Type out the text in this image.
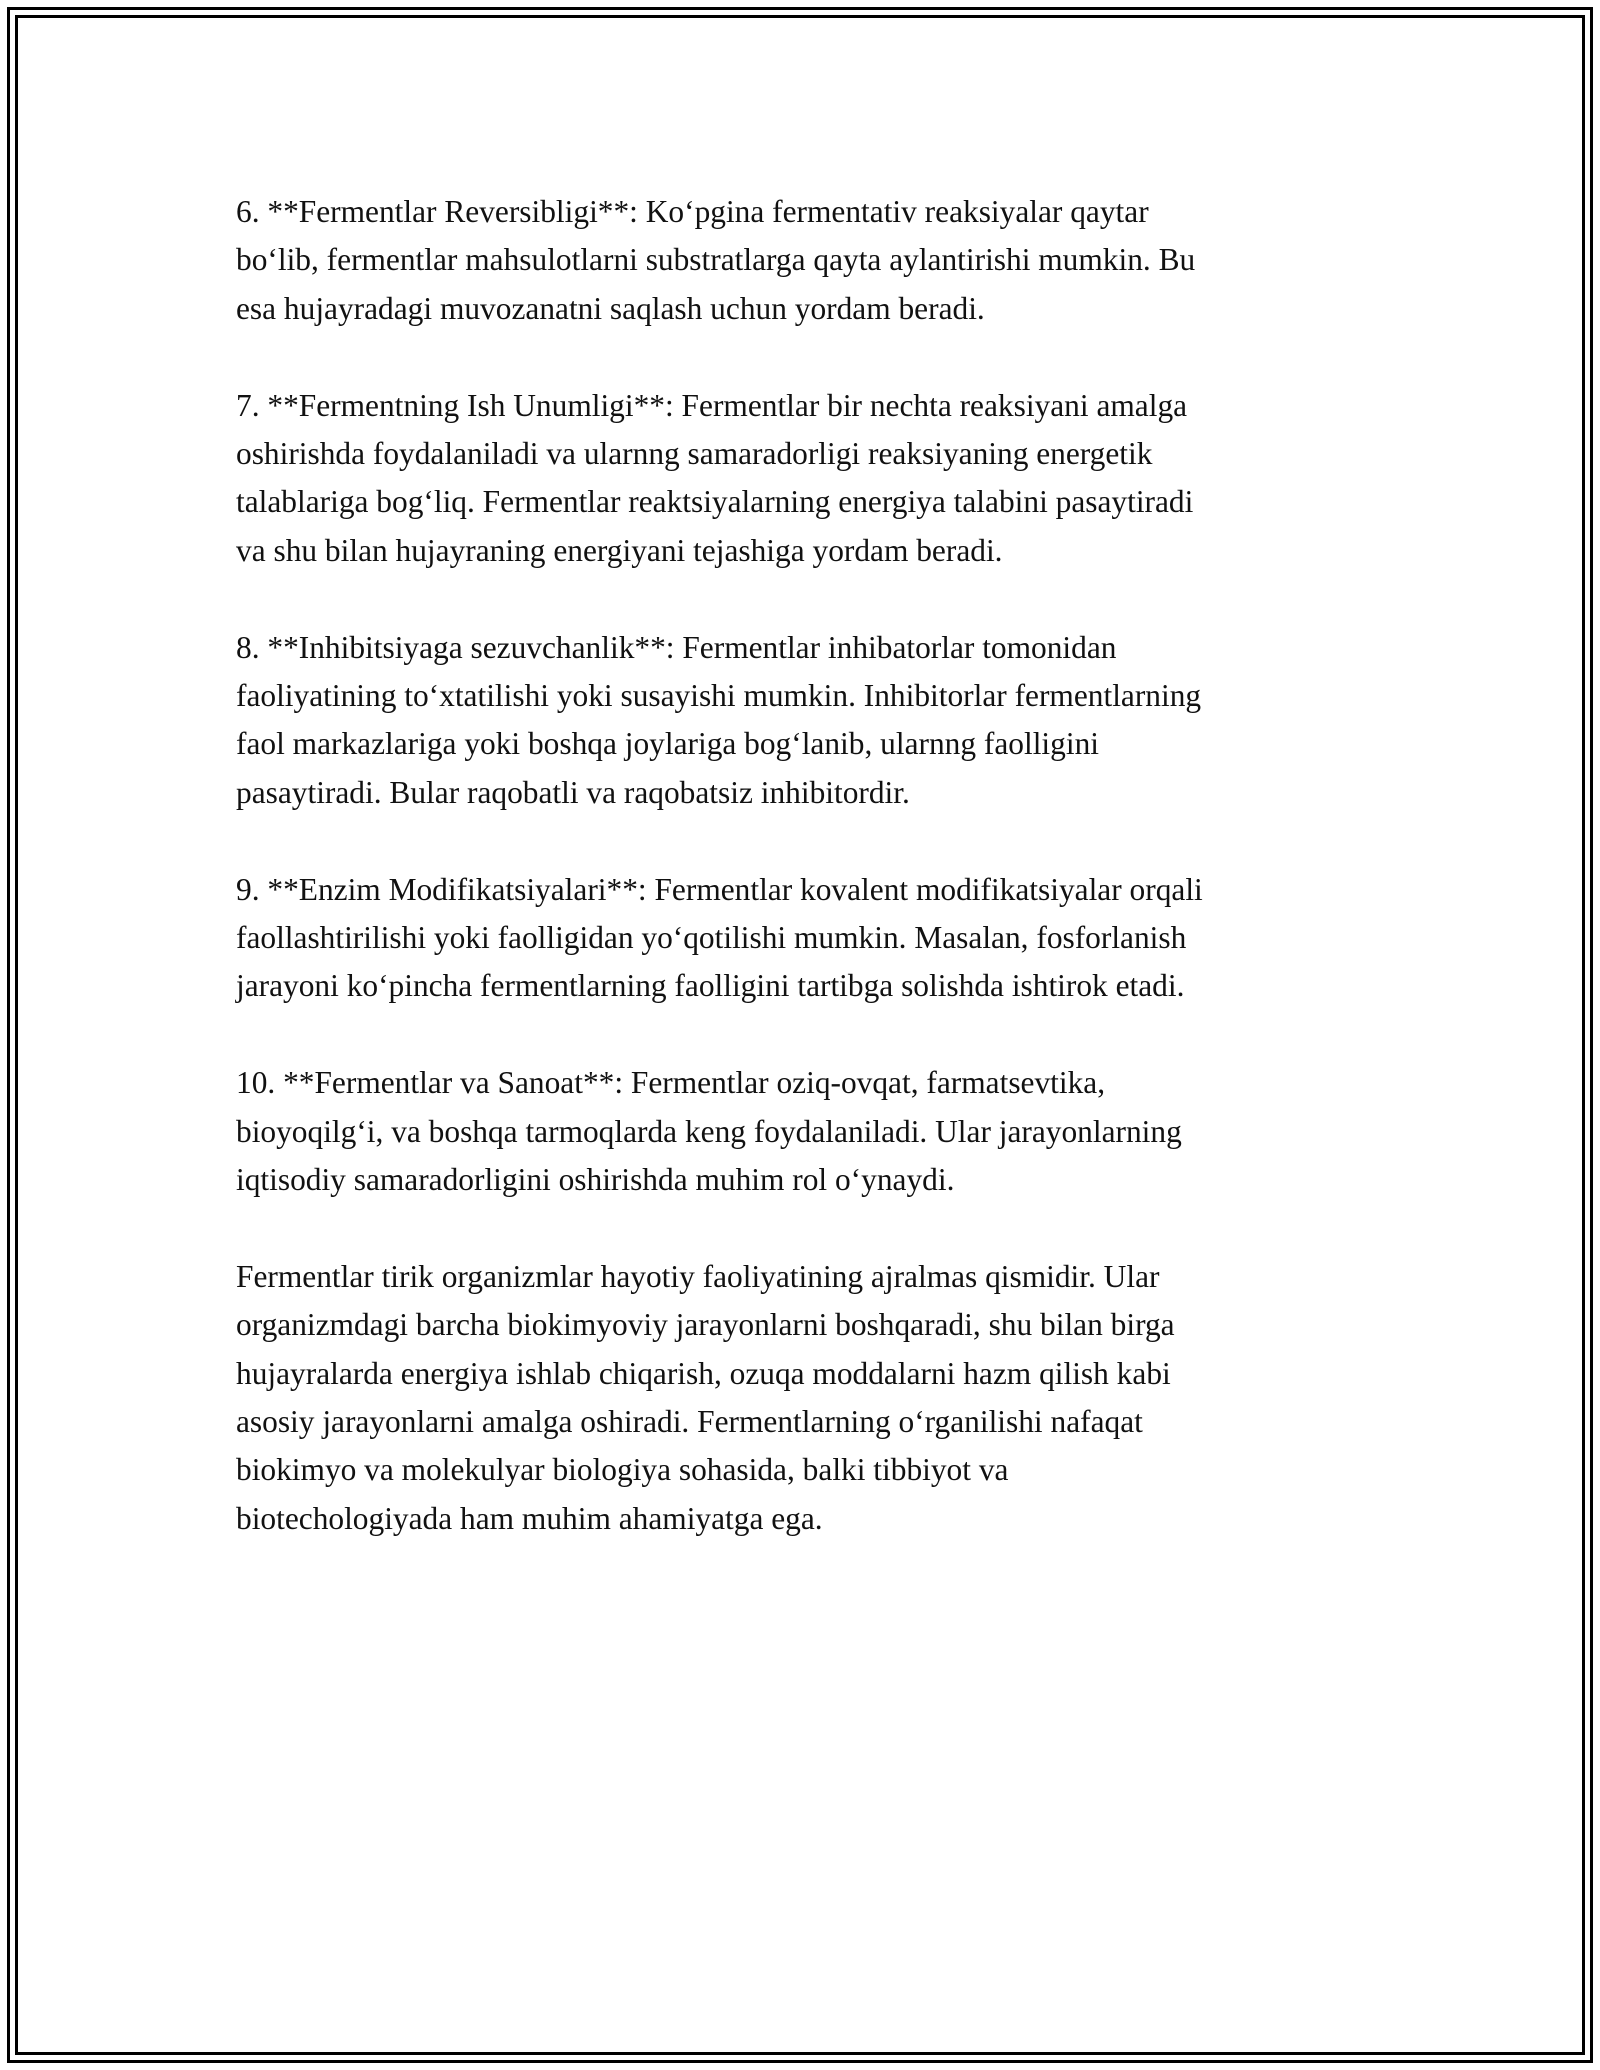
6. **Fermentlar Reversibligi**: Koʻpgina fermentativ reaksiyalar qaytar
boʻlib, fermentlar mahsulotlarni substratlarga qayta aylantirishi mumkin. Bu
esa hujayradagi muvozanatni saqlash uchun yordam beradi.

7. **Fermentning Ish Unumligi**: Fermentlar bir nechta reaksiyani amalga
oshirishda foydalaniladi va ularnng samaradorligi reaksiyaning energetik
talablariga bogʻliq. Fermentlar reaktsiyalarning energiya talabini pasaytiradi
va shu bilan hujayraning energiyani tejashiga yordam beradi.

8. **Inhibitsiyaga sezuvchanlik**: Fermentlar inhibatorlar tomonidan
faoliyatining toʻxtatilishi yoki susayishi mumkin. Inhibitorlar fermentlarning
faol markazlariga yoki boshqa joylariga bogʻlanib, ularnng faolligini
pasaytiradi. Bular raqobatli va raqobatsiz inhibitordir.

9. **Enzim Modifikatsiyalari**: Fermentlar kovalent modifikatsiyalar orqali
faollashtirilishi yoki faolligidan yoʻqotilishi mumkin. Masalan, fosforlanish
jarayoni koʻpincha fermentlarning faolligini tartibga solishda ishtirok etadi.

10. **Fermentlar va Sanoat**: Fermentlar oziq-ovqat, farmatsevtika,
bioyoqilgʻi, va boshqa tarmoqlarda keng foydalaniladi. Ular jarayonlarning
iqtisodiy samaradorligini oshirishda muhim rol oʻynaydi.

Fermentlar tirik organizmlar hayotiy faoliyatining ajralmas qismidir. Ular
organizmdagi barcha biokimyoviy jarayonlarni boshqaradi, shu bilan birga
hujayralarda energiya ishlab chiqarish, ozuqa moddalarni hazm qilish kabi
asosiy jarayonlarni amalga oshiradi. Fermentlarning oʻrganilishi nafaqat
biokimyo va molekulyar biologiya sohasida, balki tibbiyot va
biotechologiyada ham muhim ahamiyatga ega.
